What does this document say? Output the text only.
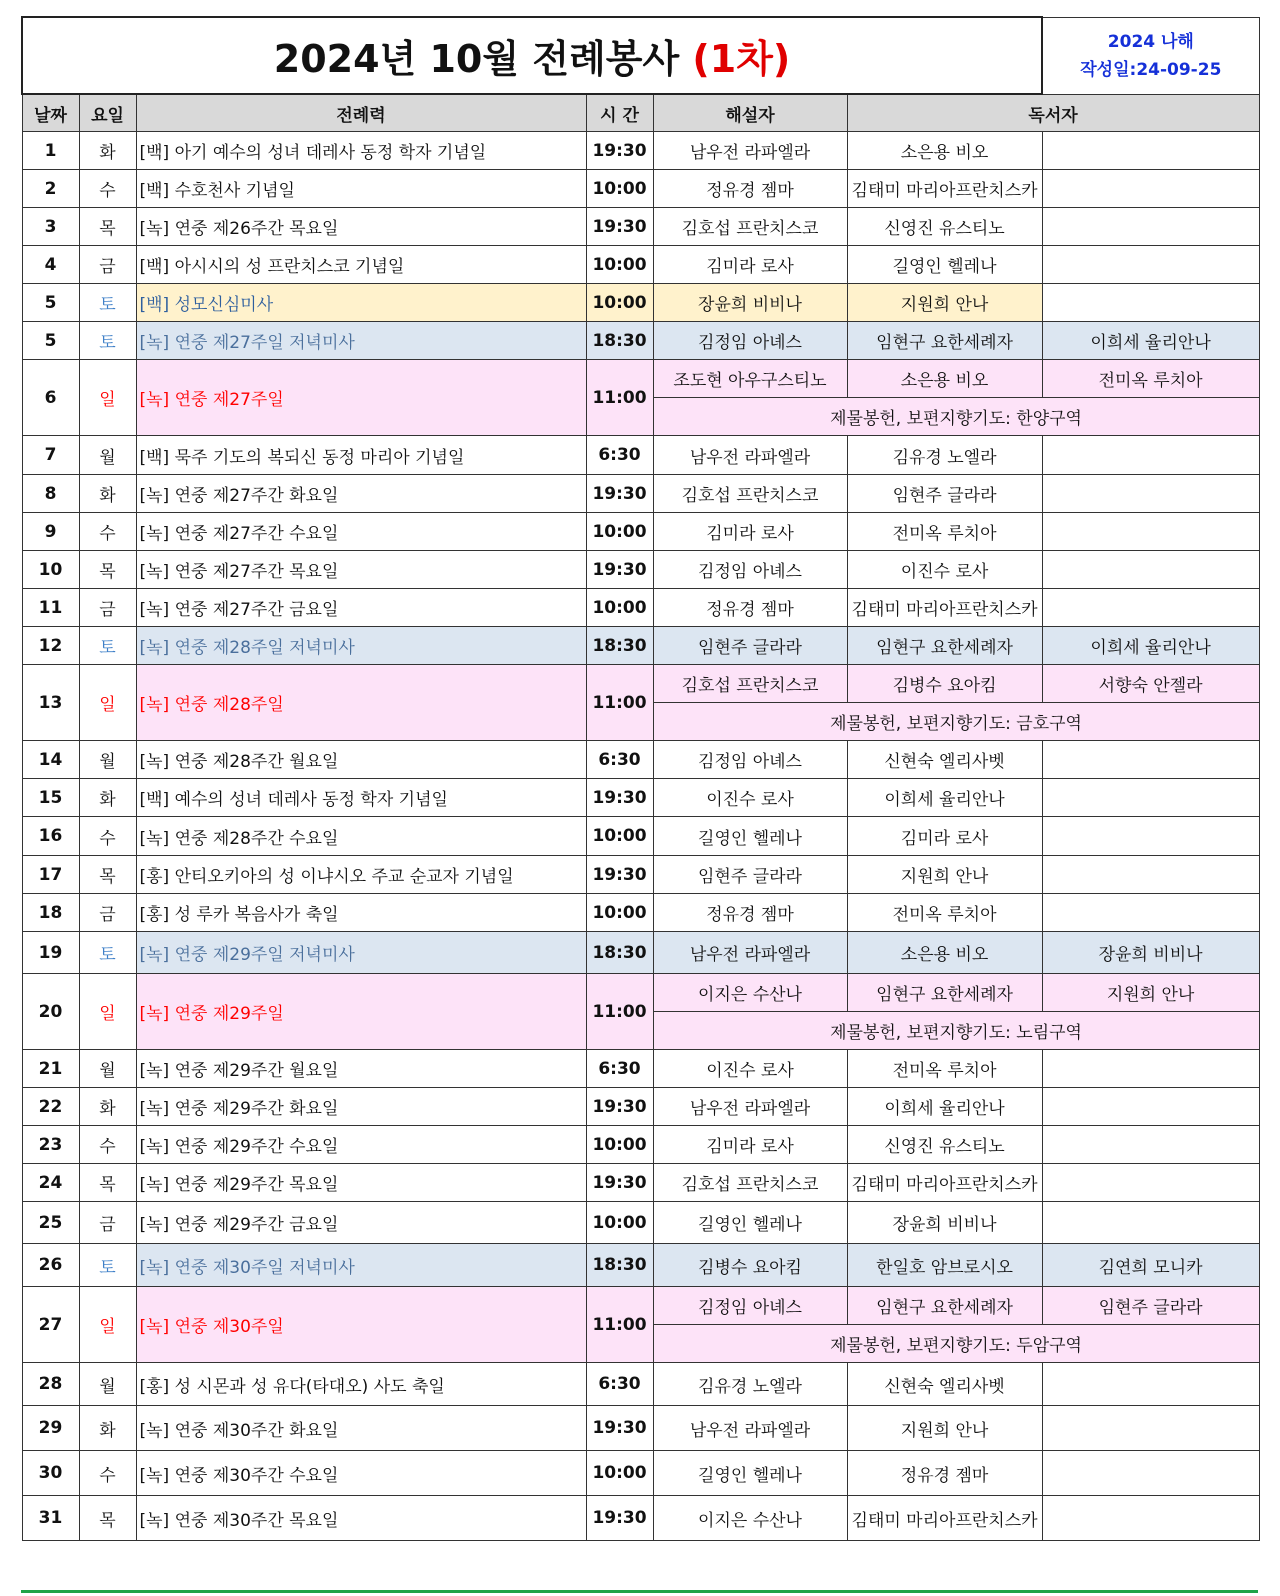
2024년 10월 전례봉사 (1차)						2024 나해
작성일:24-09-25

날짜	요일	전례력	시 간	해설자	독서자	
1	화	[백] 아기 예수의 성녀 데레사 동정 학자 기념일	19:30	남우전 라파엘라	소은용 비오	
2	수	[백] 수호천사 기념일	10:00	정유경 젬마	김태미 마리아프란치스카	
3	목	[녹] 연중 제26주간 목요일	19:30	김호섭 프란치스코	신영진 유스티노	
4	금	[백] 아시시의 성 프란치스코 기념일	10:00	김미라 로사	길영인 헬레나	
5	토	[백] 성모신심미사	10:00	장윤희 비비나	지원희 안나	
5	토	[녹] 연중 제27주일 저녁미사	18:30	김정임 아녜스	임현구 요한세례자	이희세 율리안나
6	일	[녹] 연중 제27주일	11:00	조도현 아우구스티노	소은용 비오	전미옥 루치아
				제물봉헌, 보편지향기도: 한양구역		
7	월	[백] 묵주 기도의 복되신 동정 마리아 기념일	6:30	남우전 라파엘라	김유경 노엘라	
8	화	[녹] 연중 제27주간 화요일	19:30	김호섭 프란치스코	임현주 글라라	
9	수	[녹] 연중 제27주간 수요일	10:00	김미라 로사	전미옥 루치아	
10	목	[녹] 연중 제27주간 목요일	19:30	김정임 아녜스	이진수 로사	
11	금	[녹] 연중 제27주간 금요일	10:00	정유경 젬마	김태미 마리아프란치스카	
12	토	[녹] 연중 제28주일 저녁미사	18:30	임현주 글라라	임현구 요한세례자	이희세 율리안나
13	일	[녹] 연중 제28주일	11:00	김호섭 프란치스코	김병수 요아킴	서향숙 안젤라
				제물봉헌, 보편지향기도: 금호구역		
14	월	[녹] 연중 제28주간 월요일	6:30	김정임 아녜스	신현숙 엘리사벳	
15	화	[백] 예수의 성녀 데레사 동정 학자 기념일	19:30	이진수 로사	이희세 율리안나	
16	수	[녹] 연중 제28주간 수요일	10:00	길영인 헬레나	김미라 로사	
17	목	[홍] 안티오키아의 성 이냐시오 주교 순교자 기념일	19:30	임현주 글라라	지원희 안나	
18	금	[홍] 성 루카 복음사가 축일	10:00	정유경 젬마	전미옥 루치아	
19	토	[녹] 연중 제29주일 저녁미사	18:30	남우전 라파엘라	소은용 비오	장윤희 비비나
20	일	[녹] 연중 제29주일	11:00	이지은 수산나	임현구 요한세례자	지원희 안나
				제물봉헌, 보편지향기도: 노림구역		
21	월	[녹] 연중 제29주간 월요일	6:30	이진수 로사	전미옥 루치아	
22	화	[녹] 연중 제29주간 화요일	19:30	남우전 라파엘라	이희세 율리안나	
23	수	[녹] 연중 제29주간 수요일	10:00	김미라 로사	신영진 유스티노	
24	목	[녹] 연중 제29주간 목요일	19:30	김호섭 프란치스코	김태미 마리아프란치스카	
25	금	[녹] 연중 제29주간 금요일	10:00	길영인 헬레나	장윤희 비비나	
26	토	[녹] 연중 제30주일 저녁미사	18:30	김병수 요아킴	한일호 암브로시오	김연희 모니카
27	일	[녹] 연중 제30주일	11:00	김정임 아녜스	임현구 요한세례자	임현주 글라라
				제물봉헌, 보편지향기도: 두암구역		
28	월	[홍] 성 시몬과 성 유다(타대오) 사도 축일	6:30	김유경 노엘라	신현숙 엘리사벳	
29	화	[녹] 연중 제30주간 화요일	19:30	남우전 라파엘라	지원희 안나	
30	수	[녹] 연중 제30주간 수요일	10:00	길영인 헬레나	정유경 젬마	
31	목	[녹] 연중 제30주간 목요일	19:30	이지은 수산나	김태미 마리아프란치스카	
